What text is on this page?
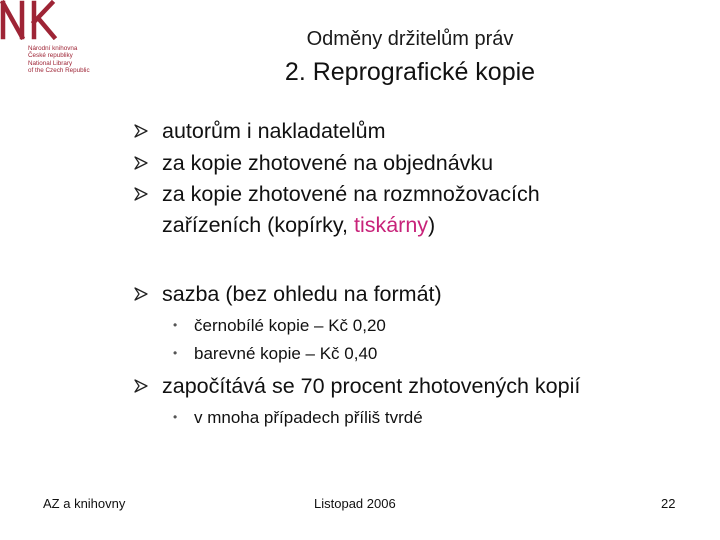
Národní knihovna
České republiky
National Library
of the Czech Republic
Odměny držitelům práv
2. Reprografické kopie
autorům i nakladatelům
za kopie zhotovené na objednávku
za kopie zhotovené na rozmnožovacích
zařízeních (kopírky, tiskárny)
sazba (bez ohledu na formát)
• černobílé kopie – Kč 0,20
• barevné kopie – Kč 0,40
započítává se 70 procent zhotovených kopií
• v mnoha případech příliš tvrdé
AZ a knihovny	Listopad 2006	22
